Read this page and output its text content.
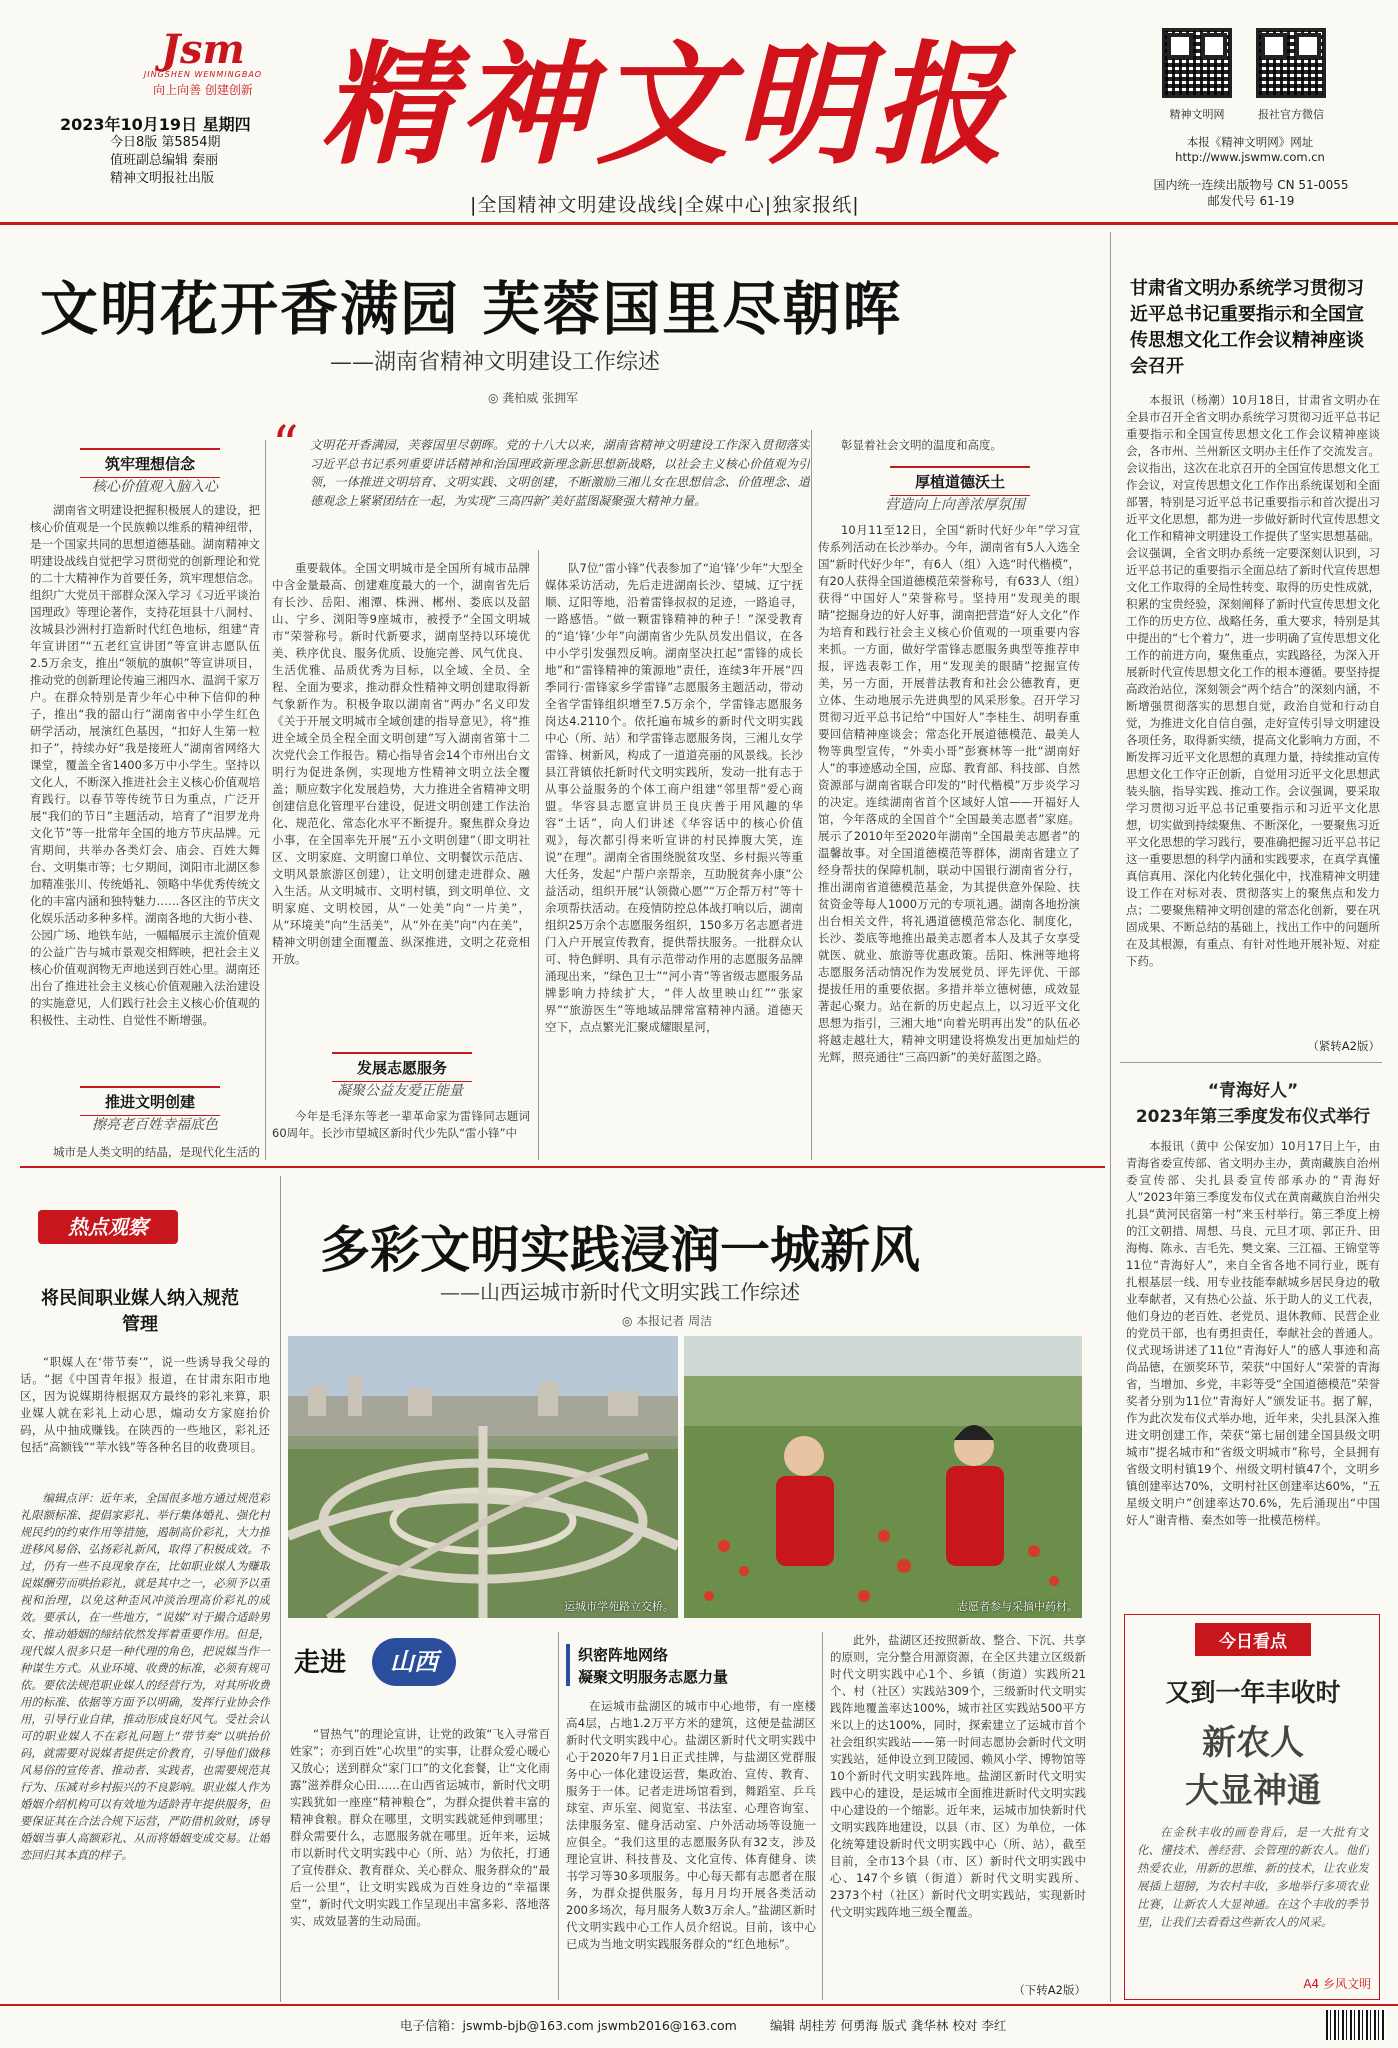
Jsm
JINGSHEN WENMINGBAO
向上向善 创建创新
2023年10月19日 星期四
今日8版 第5854期
值班副总编辑 秦丽
精神文明报社出版 精神文明报
|全国精神文明建设战线|全媒中心|独家报纸|
精神文明网	报社官方微信
本报《精神文明网》网址
http://www.jswmw.com.cn
国内统一连续出版物号 CN 51-0055
邮发代号 61-19
文明花开香满园 芙蓉国里尽朝晖
——湖南省精神文明建设工作综述
◎ 龚柏威 张拥军
筑牢理想信念
核心价值观入脑入心

湖南省文明建设把握积极展人的建设，把核心价值观是一个民族赖以维系的精神纽带，是一个国家共同的思想道德基础。湖南精神文明建设战线自觉把学习贯彻党的创新理论和党的二十大精神作为首要任务，筑牢理想信念。组织广大党员干部群众深入学习《习近平谈治国理政》等理论著作，支持花垣县十八洞村、汝城县沙洲村打造新时代红色地标，组建“青年宣讲团”“五老红宣讲团”等宣讲志愿队伍2.5万余支，推出“领航的旗帜”等宣讲项目，推动党的创新理论传遍三湘四水、温润千家万户。在群众特别是青少年心中种下信仰的种子，推出“我的韶山行”湖南省中小学生红色研学活动，展演红色基因，“扣好人生第一粒扣子”，持续办好“我是接班人”湖南省网络大课堂，覆盖全省1400多万中小学生。坚持以文化人，不断深入推进社会主义核心价值观培育践行。以春节等传统节日为重点，广泛开展“我们的节日”主题活动，培育了“泪罗龙舟文化节”等一批常年全国的地方节庆品牌。元宵期间，共举办各类灯会、庙会、百姓大舞台、文明集市等；七夕期间，浏阳市北湖区参加精准张川、传统婚礼、领略中华优秀传统文化的丰富内涵和独特魅力……各区注的节庆文化娱乐活动多种多样。湖南各地的大街小巷、公园广场、地铁车站，一幅幅展示主流价值观的公益广告与城市景观交相辉映，把社会主义核心价值观润物无声地送到百姓心里。湖南还出台了推进社会主义核心价值观融入法治建设的实施意见，人们践行社会主义核心价值观的积极性、主动性、自觉性不断增强。

推进文明创建
擦亮老百姓幸福底色

城市是人类文明的结晶，是现代化生活的

“ 文明花开香满园，芙蓉国里尽朝晖。党的十八大以来，湖南省精神文明建设工作深入贯彻落实习近平总书记系列重要讲话精神和治国理政新理念新思想新战略，以社会主义核心价值观为引领，一体推进文明培育、文明实践、文明创建，不断激励三湘儿女在思想信念、价值理念、道德观念上紧紧团结在一起，为实现“三高四新”美好蓝图凝聚强大精神力量。

重要载体。全国文明城市是全国所有城市品牌中含金量最高、创建难度最大的一个，湖南省先后有长沙、岳阳、湘潭、株洲、郴州、娄底以及韶山、宁乡、浏阳等9座城市，被授予“全国文明城市”荣誉称号。新时代新要求，湖南坚持以环境优美、秩序优良、服务优质、设施完善、风气优良、生活优雅、品质优秀为目标，以全域、全员、全程、全面为要求，推动群众性精神文明创建取得新气象新作为。积极争取以湖南省“两办”名义印发《关于开展文明城市全域创建的指导意见》，将“推进全域全员全程全面文明创建”写入湖南省第十二次党代会工作报告。精心指导省会14个市州出台文明行为促进条例，实现地方性精神文明立法全覆盖；顺应数字化发展趋势，大力推进全省精神文明创建信息化管理平台建设，促进文明创建工作法治化、规范化、常态化水平不断提升。聚焦群众身边小事，在全国率先开展“五小文明创建”（即文明社区、文明家庭、文明窗口单位、文明餐饮示范店、文明风景旅游区创建），让文明创建走进群众、融入生活。从文明城市、文明村镇，到文明单位、文明家庭、文明校园，从“一处美”向“一片美”，从“环境美”向“生活美”，从“外在美”向“内在美”，精神文明创建全面覆盖、纵深推进，文明之花竞相开放。

发展志愿服务
凝聚公益友爱正能量

今年是毛泽东等老一辈革命家为雷锋同志题词60周年。长沙市望城区新时代少先队“雷小锋”中

队7位“雷小锋”代表参加了“追‘锋’少年”大型全媒体采访活动，先后走进湖南长沙、望城、辽宁抚顺、辽阳等地，沿着雷锋叔叔的足迹，一路追寻，一路感悟。“做一颗雷锋精神的种子！”深受教育的“追‘锋’少年”向湖南省少先队员发出倡议，在各中小学引发强烈反响。湖南坚决扛起“雷锋的成长地”和“雷锋精神的策源地”责任，连续3年开展“四季同行·雷锋家乡学雷锋”志愿服务主题活动，带动全省学雷锋组织增至7.5万余个，学雷锋志愿服务岗达4.2110个。依托遍布城乡的新时代文明实践中心（所、站）和学雷锋志愿服务岗，三湘儿女学雷锋、树新风，构成了一道道亮丽的风景线。长沙县江背镇依托新时代文明实践所，发动一批有志于从事公益服务的个体工商户组建“邻里帮”爱心商盟。华容县志愿宣讲员王良庆善于用风趣的华容“土话”，向人们讲述《华容话中的核心价值观》，每次都引得来听宣讲的村民捧腹大笑，连说“在理”。湖南全省围绕脱贫攻坚、乡村振兴等重大任务，发起“户帮户亲帮亲，互助脱贫奔小康”公益活动，组织开展“认领微心愿”“万企帮万村”等十余项帮扶活动。在疫情防控总体战打响以后，湖南组织25万余个志愿服务组织，150多万名志愿者进门入户开展宣传教育，提供帮扶服务。一批群众认可、特色鲜明、具有示范带动作用的志愿服务品牌涌现出来，“绿色卫士”“河小青”等省级志愿服务品牌影响力持续扩大，“伴人故里映山红”“张家界”“旅游医生”等地域品牌常富精神内涵。道德天空下，点点繁光汇聚成耀眼星河，

彰显着社会文明的温度和高度。

厚植道德沃土
营造向上向善浓厚氛围

10月11至12日，全国“新时代好少年”学习宣传系列活动在长沙举办。今年，湖南省有5人入选全国“新时代好少年”，有6人（组）入选“时代楷模”，有20人获得全国道德模范荣誉称号，有633人（组）获得“中国好人”荣誉称号。坚持用“发现美的眼睛”挖掘身边的好人好事，湖南把营造“好人文化”作为培育和践行社会主义核心价值观的一项重要内容来抓。一方面，做好学雷锋志愿服务典型等推荐申报，评选表彰工作，用“发现美的眼睛”挖掘宣传美，另一方面，开展普法教育和社会公德教育，更立体、生动地展示先进典型的风采形象。召开学习贯彻习近平总书记给“中国好人”李桂生、胡明春重要回信精神座谈会；常态化开展道德模范、最美人物等典型宣传，“外卖小哥”彭赛林等一批“湖南好人”的事迹感动全国，应邸、教育部、科技部、自然资源部与湖南省联合印发的“时代楷模”万步炎学习的决定。连续湖南省首个区域好人馆——开福好人馆，今年落成的全国首个“全国最美志愿者”家庭。展示了2010年至2020年湖南“全国最美志愿者”的温馨故事。对全国道德模范等群体，湖南省建立了经身帮扶的保障机制，联动中国银行湖南省分行，推出湖南省道德模范基金，为其提供意外保险、扶贫资金等每人1000万元的专项礼遇。湖南各地扮演出台相关文件，将礼遇道德模范常态化、制度化，长沙、娄底等地推出最美志愿者本人及其子女享受就医、就业、旅游等优惠政策。岳阳、株洲等地将志愿服务活动情况作为发展党员、评先评优、干部提拔任用的重要依据。多措并举立德树德，成效显著起心聚力。站在新的历史起点上，以习近平文化思想为指引，三湘大地“向着光明再出发”的队伍必将越走越壮大，精神文明建设将焕发出更加灿烂的光辉，照亮通往“三高四新”的美好蓝图之路。

甘肃省文明办系统学习贯彻习近平总书记重要指示和全国宣传思想文化工作会议精神座谈会召开

本报讯（杨潮）10月18日，甘肃省文明办在全县市召开全省文明办系统学习贯彻习近平总书记重要指示和全国宣传思想文化工作会议精神座谈会，各市州、兰州新区文明办主任作了交流发言。会议指出，这次在北京召开的全国宣传思想文化工作会议，对宣传思想文化工作作出系统谋划和全面部署，特别是习近平总书记重要指示和首次提出习近平文化思想，都为进一步做好新时代宣传思想文化工作和精神文明建设工作提供了坚实思想基础。会议强调，全省文明办系统一定要深刻认识到，习近平总书记的重要指示全面总结了新时代宣传思想文化工作取得的全局性转变、取得的历史性成就，积累的宝贵经验，深刻阐释了新时代宣传思想文化工作的历史方位、战略任务，重大要求，特别是其中提出的“七个着力”，进一步明确了宣传思想文化工作的前进方向，聚焦重点，实践路径，为深入开展新时代宣传思想文化工作的根本遵循。要坚持提高政治站位，深刻领会“两个结合”的深刻内涵，不断增强贯彻落实的思想自觉，政治自觉和行动自觉，为推进文化自信自强，走好宣传引导文明建设各项任务，取得新实绩，提高文化影响力方面，不断发挥习近平文化思想的真理力量，持续推动宣传思想文化工作守正创新，自觉用习近平文化思想武装头脑，指导实践、推动工作。会议强调，要采取学习贯彻习近平总书记重要指示和习近平文化思想，切实做到持续聚焦、不断深化，一要聚焦习近平文化思想的学习践行，要准确把握习近平总书记这一重要思想的科学内涵和实践要求，在真学真懂真信真用、深化内化转化强化中，找准精神文明建设工作在对标对表、贯彻落实上的聚焦点和发力点；二要聚焦精神文明创建的常态化创新，要在巩固成果、不断总结的基础上，找出工作中的问题所在及其根源，有重点、有针对性地开展补短、对症下药。

（紧转A2版）
“青海好人”
2023年第三季度发布仪式举行

本报讯（黄中 公保安加）10月17日上午，由青海省委宣传部、省文明办主办，黄南藏族自治州委宣传部、尖扎县委宣传部承办的“青海好人”2023年第三季度发布仪式在黄南藏族自治州尖扎县“黄河民宿第一村”来玉村举行。第三季度上榜的江文朝措、周想、马良、元旦才项、郭正升、田海梅、陈永、吉毛先、樊文案、三江福、王锦堂等11位“青海好人”，来自全省各地不同行业，既有扎根基层一线、用专业技能奉献城乡居民身边的敬业奉献者，又有热心公益、乐于助人的义工代表，他们身边的老百姓、老党员、退休教师、民营企业的党员干部，也有勇担责任，奉献社会的普通人。仪式现场讲述了11位“青海好人”的感人事迹和高尚品德，在颁奖环节，荣获“中国好人”荣誉的青海省，当增加、乡党，丰彩等受“全国道德模范”荣誉奖者分别为11位“青海好人”颁发证书。据了解，作为此次发布仪式举办地，近年来，尖扎县深入推进文明创建工作，荣获“第七届创建全国县级文明城市”提名城市和“省级文明城市”称号，全县拥有省级文明村镇19个、州级文明村镇47个，文明乡镇创建率达70%，文明村社区创建率达60%，“五星级文明户”创建率达70.6%，先后涌现出“中国好人”谢青楷、秦杰如等一批模范榜样。

今日看点
又到一年丰收时
新农人
大显神通
在金秋丰收的画卷背后，是一大批有文化、懂技术、善经营、会管理的新农人。他们热爱农业，用新的思维、新的技术，让农业发展插上翅膀，为农村丰收，多地举行多项农业比赛，让新农人大显神通。在这个丰收的季节里，让我们去看看这些新农人的风采。
A4 乡风文明
热点观察
将民间职业媒人纳入规范管理

“职媒人在‘带节奏’”，说一些诱导我父母的话。“据《中国青年报》报道，在甘肃东阳市地区，因为说媒期待根据双方最终的彩礼来算，职业媒人就在彩礼上动心思，煽动女方家庭抬价码，从中抽成赚钱。在陕西的一些地区，彩礼还包括“高额钱”“苹水钱”等各种名目的收费项目。

编辑点评：近年来，全国很多地方通过规范彩礼限额标准、提倡家彩礼、举行集体婚礼、强化村规民约的约束作用等措施，遏制高价彩礼，大力推进移风易俗、弘扬彩礼新风，取得了积极成效。不过，仍有一些不良现象存在，比如职业媒人为赚取说媒酬劳而哄抬彩礼，就是其中之一，必须予以重视和治理，以免这种歪风冲淡治理高价彩礼的成效。要承认，在一些地方，“说媒”对于撮合适龄男女、推动婚姻的缔结依然发挥着重要作用。但是，现代媒人很多只是一种代理的角色，把说媒当作一种谋生方式。从业环境、收费的标准，必须有规可依。要依法规范职业媒人的经营行为，对其所收费用的标准、依据等方面予以明确，发挥行业协会作用，引导行业自律，推动形成良好风气。受社会认可的职业媒人不在彩礼问题上“带节奏”以哄抬价码，就需要对说媒者提供定价教育，引导他们做移风易俗的宣传者、推动者、实践者，也需要规范其行为、压减对乡村振兴的不良影响。职业媒人作为婚姻介绍机构可以有效地为适龄青年提供服务，但要保证其在合法合规下运营，严防借机敛财，诱导婚姻当事人高额彩礼、从而将婚姻变成交易。让婚恋回归其本真的样子。
多彩文明实践浸润一城新风
——山西运城市新时代文明实践工作综述
◎ 本报记者 周洁
运城市学苑路立交桥。	志愿者参与采摘中药材。
走进	山西

“冒热气”的理论宣讲，让党的政策“飞入寻常百姓家”；亦到百姓“心坎里”的实事，让群众爱心暖心又放心；送到群众“家门口”的文化套餐，让“文化雨露”滋养群众心田……在山西省运城市，新时代文明实践犹如一座座“精神粮仓”，为群众提供着丰富的精神食粮。群众在哪里，文明实践就延伸到哪里；群众需要什么，志愿服务就在哪里。近年来，运城市以新时代文明实践中心（所、站）为依托，打通了宣传群众、教育群众、关心群众、服务群众的“最后一公里”，让文明实践成为百姓身边的“幸福课堂”，新时代文明实践工作呈现出丰富多彩、落地落实、成效显著的生动局面。

织密阵地网络
凝聚文明服务志愿力量

在运城市盐湖区的城市中心地带，有一座楼高4层，占地1.2万平方米的建筑，这便是盐湖区新时代文明实践中心。盐湖区新时代文明实践中心于2020年7月1日正式挂牌，与盐湖区党群服务中心一体化建设运营，集政治、宣传、教育、服务于一体。记者走进场馆看到，舞蹈室、乒乓球室、声乐室、阅览室、书法室、心理咨询室、法律服务室、健身活动室、户外活动场等设施一应俱全。“我们这里的志愿服务队有32支，涉及理论宣讲、科技普及、文化宣传、体育健身、读书学习等30多项服务。中心每天都有志愿者在服务，为群众提供服务，每月月均开展各类活动200多场次，每月服务人数3万余人。”盐湖区新时代文明实践中心工作人员介绍说。目前，该中心已成为当地文明实践服务群众的“红色地标”。

此外，盐湖区还按照新故、整合、下沉、共享的原则，完分整合用源资源，在全区共建立区级新时代文明实践中心1个、乡镇（街道）实践所21个、村（社区）实践站309个，三级新时代文明实践阵地覆盖率达100%，城市社区实践站500平方米以上的达100%，同时，探索建立了运城市首个社会组织实践站——第一时间志愿协会新时代文明实践站，延伸设立到卫陵园、赖风小学、博物馆等10个新时代文明实践阵地。盐湖区新时代文明实践中心的建设，是运城市全面推进新时代文明实践中心建设的一个缩影。近年来，运城市加快新时代文明实践阵地建设，以县（市、区）为单位，一体化统筹建设新时代文明实践中心（所、站），截至目前，全市13个县（市、区）新时代文明实践中心、147个乡镇（街道）新时代文明实践所、2373个村（社区）新时代文明实践站，实现新时代文明实践阵地三级全覆盖。

（下转A2版）
电子信箱：jswmb-bjb@163.com jswmb2016@163.com	编辑 胡桂芳 何勇海 版式 龚华林 校对 李红
